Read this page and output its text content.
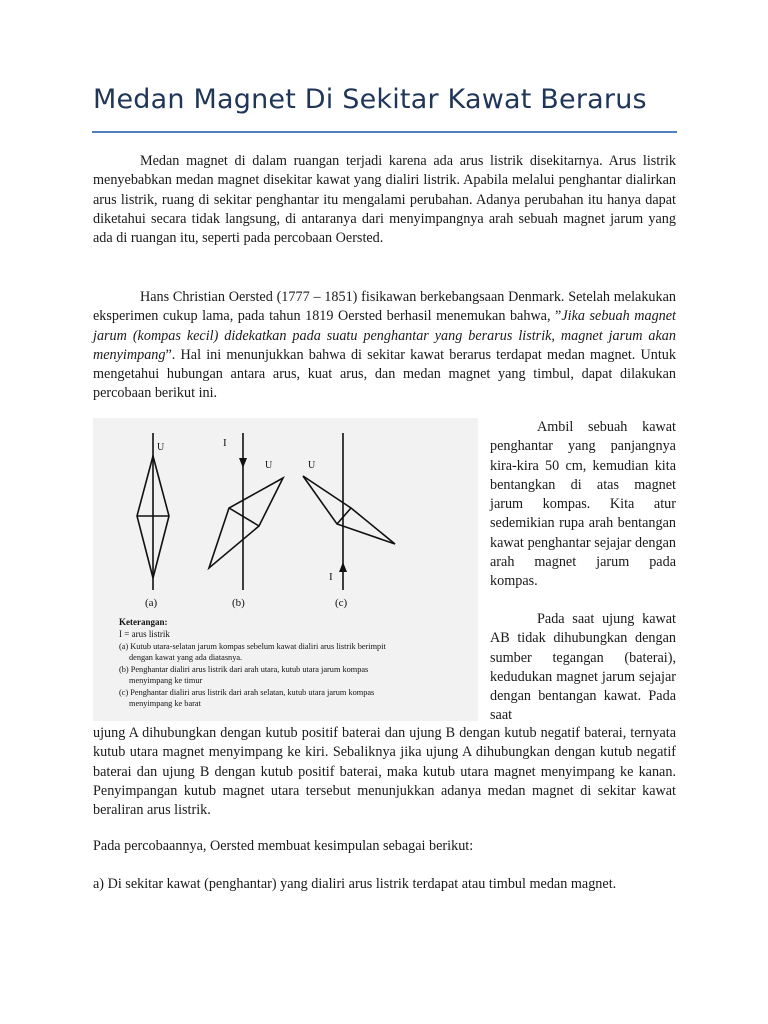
Medan Magnet Di Sekitar Kawat Berarus

Medan magnet di dalam ruangan terjadi karena ada arus listrik disekitarnya. Arus listrik menyebabkan medan magnet disekitar kawat yang dialiri listrik. Apabila melalui penghantar dialirkan arus listrik, ruang di sekitar penghantar itu mengalami perubahan. Adanya perubahan itu hanya dapat diketahui secara tidak langsung, di antaranya dari menyimpangnya arah sebuah magnet jarum yang ada di ruangan itu, seperti pada percobaan Oersted.

Hans Christian Oersted (1777 – 1851) fisikawan berkebangsaan Denmark. Setelah melakukan eksperimen cukup lama, pada tahun 1819 Oersted berhasil menemukan bahwa, ”Jika sebuah magnet jarum (kompas kecil) didekatkan pada suatu penghantar yang berarus listrik, magnet jarum akan menyimpang”. Hal ini menunjukkan bahwa di sekitar kawat berarus terdapat medan magnet. Untuk mengetahui hubungan antara arus, kuat arus, dan medan magnet yang timbul, dapat dilakukan percobaan berikut ini.

U
(a)
I
U
(b)
I
U
(c)
Keterangan:
I = arus listrik
(a) Kutub utara-selatan jarum kompas sebelum kawat dialiri arus listrik berimpit
dengan kawat yang ada diatasnya.
(b) Penghantar dialiri arus listrik dari arah utara, kutub utara jarum kompas
menyimpang ke timur
(c) Penghantar dialiri arus listrik dari arah selatan, kutub utara jarum kompas
menyimpang ke barat

Ambil sebuah kawat penghantar yang panjangnya kira-kira 50 cm, kemudian kita bentangkan di atas magnet jarum kompas. Kita atur sedemikian rupa arah bentangan kawat penghantar sejajar dengan arah magnet jarum pada kompas.

Pada saat ujung kawat AB tidak dihubungkan dengan sumber tegangan (baterai), kedudukan magnet jarum sejajar dengan bentangan kawat. Pada saat

ujung A dihubungkan dengan kutub positif baterai dan ujung B dengan kutub negatif baterai, ternyata kutub utara magnet menyimpang ke kiri. Sebaliknya jika ujung A dihubungkan dengan kutub negatif baterai dan ujung B dengan kutub positif baterai, maka kutub utara magnet menyimpang ke kanan. Penyimpangan kutub magnet utara tersebut menunjukkan adanya medan magnet di sekitar kawat beraliran arus listrik.

Pada percobaannya, Oersted membuat kesimpulan sebagai berikut:

a) Di sekitar kawat (penghantar) yang dialiri arus listrik terdapat atau timbul medan magnet.
